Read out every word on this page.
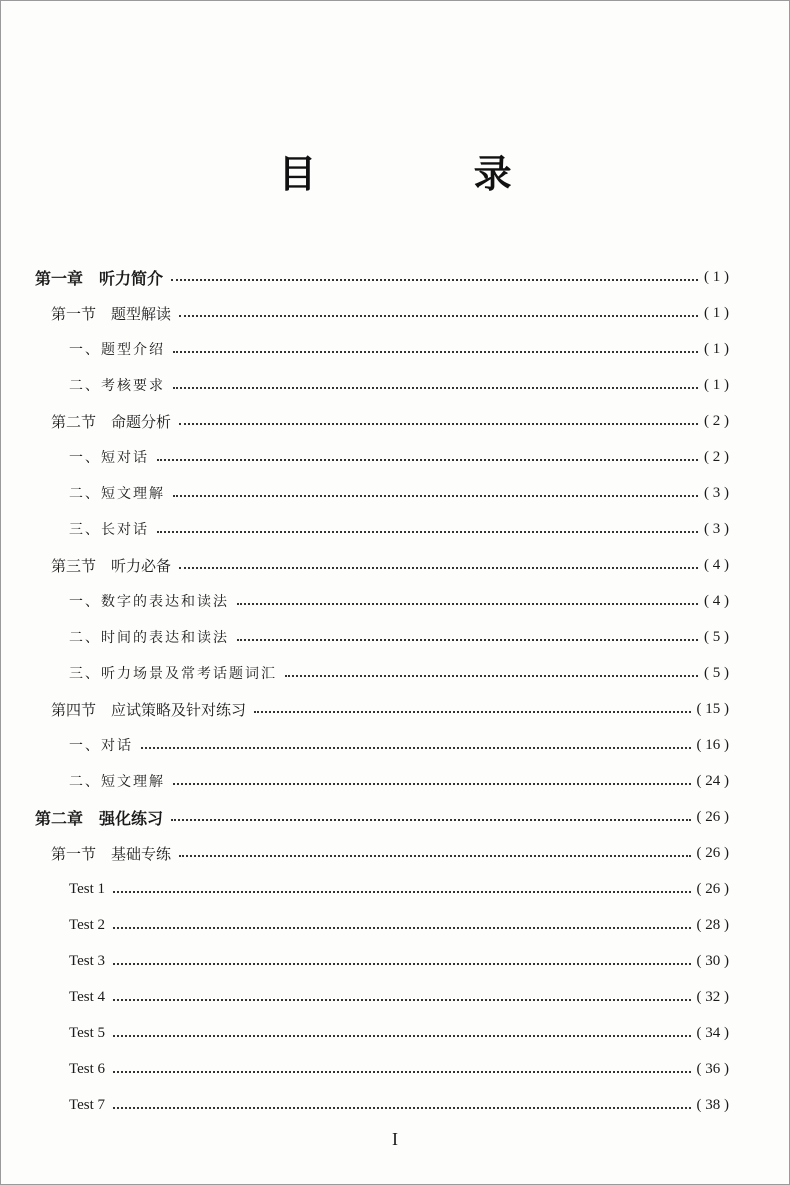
目 录
第一章　听力简介	( 1 )
第一节　题型解读	( 1 )
一、题型介绍	( 1 )
二、考核要求	( 1 )
第二节　命题分析	( 2 )
一、短对话	( 2 )
二、短文理解	( 3 )
三、长对话	( 3 )
第三节　听力必备	( 4 )
一、数字的表达和读法	( 4 )
二、时间的表达和读法	( 5 )
三、听力场景及常考话题词汇	( 5 )
第四节　应试策略及针对练习	( 15 )
一、对话	( 16 )
二、短文理解	( 24 )
第二章　强化练习	( 26 )
第一节　基础专练	( 26 )
Test 1	( 26 )
Test 2	( 28 )
Test 3	( 30 )
Test 4	( 32 )
Test 5	( 34 )
Test 6	( 36 )
Test 7	( 38 )
I
